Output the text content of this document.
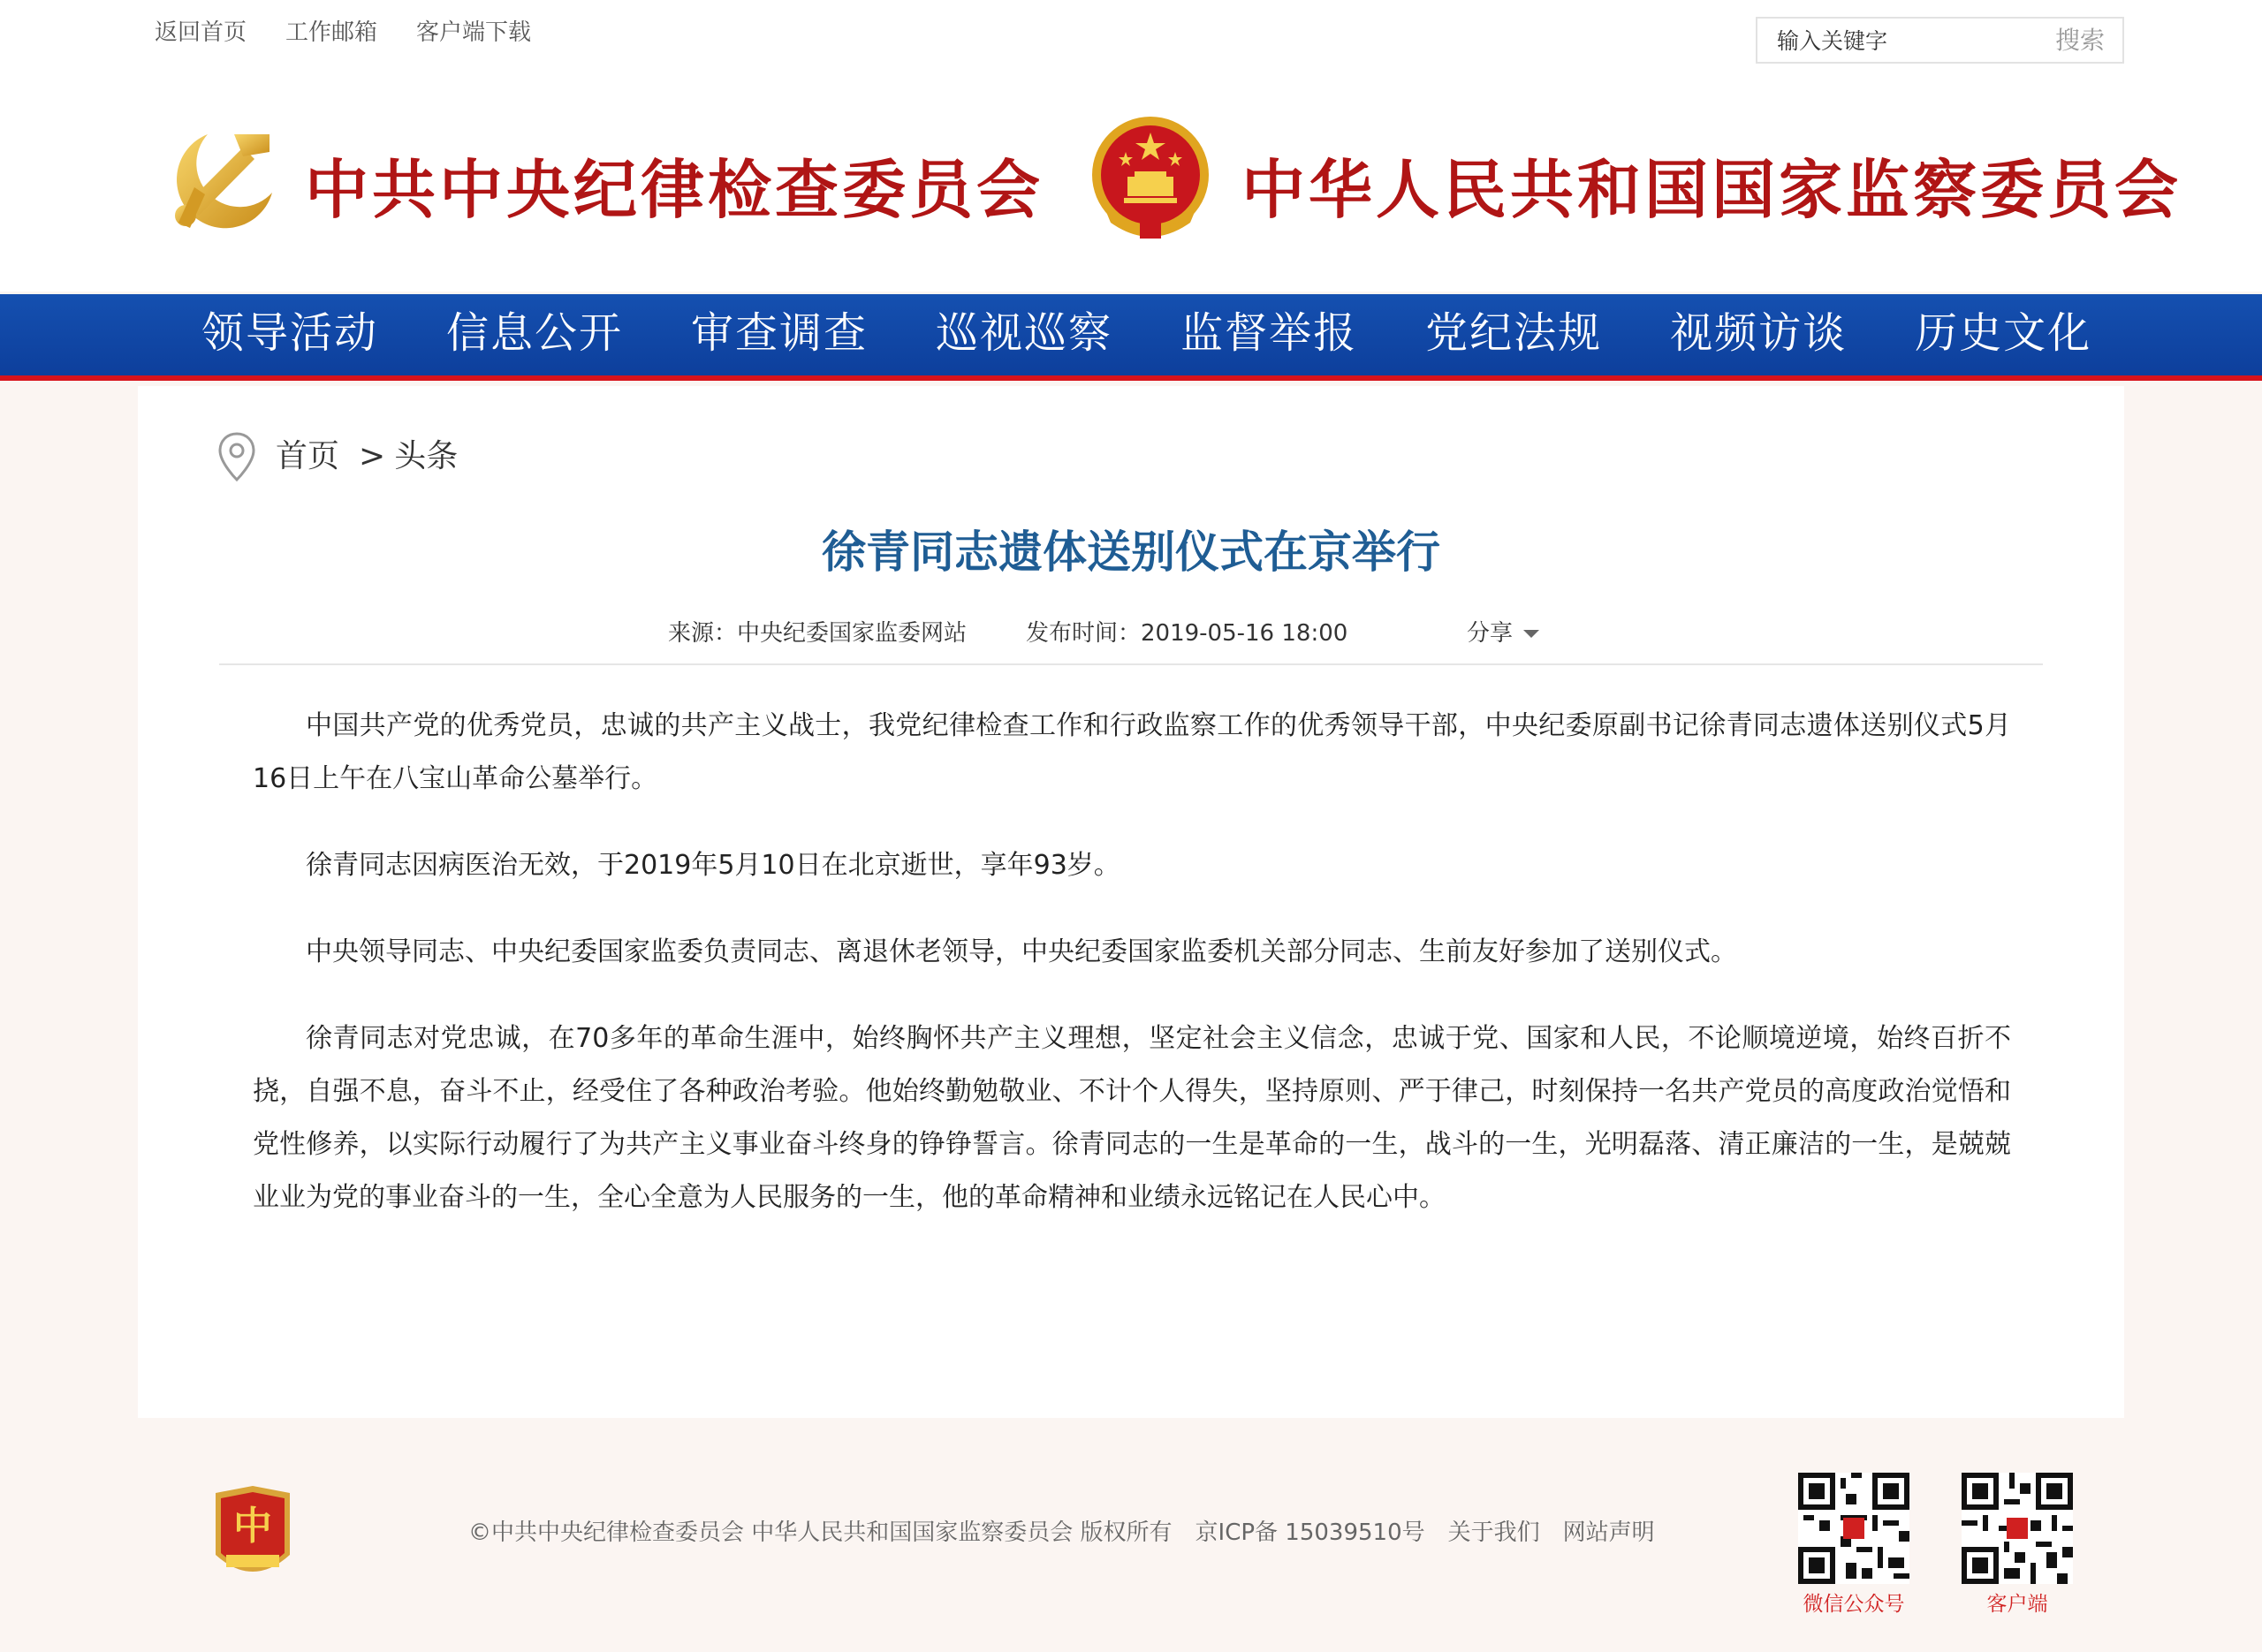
返回首页 工作邮箱 客户端下载
输入关键字	搜索
中共中央纪律检查委员会	中华人民共和国国家监察委员会
领导活动 信息公开 审查调查 巡视巡察 监督举报 党纪法规 视频访谈 历史文化
首页 > 头条
徐青同志遗体送别仪式在京举行
来源：中央纪委国家监委网站	发布时间：2019-05-16 18:00	分享

中国共产党的优秀党员，忠诚的共产主义战士，我党纪律检查工作和行政监察工作的优秀领导干部，中央纪委原副书记徐青同志遗体送别仪式5月16日上午在八宝山革命公墓举行。

徐青同志因病医治无效，于2019年5月10日在北京逝世，享年93岁。

中央领导同志、中央纪委国家监委负责同志、离退休老领导，中央纪委国家监委机关部分同志、生前友好参加了送别仪式。

徐青同志对党忠诚，在70多年的革命生涯中，始终胸怀共产主义理想，坚定社会主义信念，忠诚于党、国家和人民，不论顺境逆境，始终百折不挠，自强不息，奋斗不止，经受住了各种政治考验。他始终勤勉敬业、不计个人得失，坚持原则、严于律己，时刻保持一名共产党员的高度政治觉悟和党性修养，以实际行动履行了为共产主义事业奋斗终身的铮铮誓言。徐青同志的一生是革命的一生，战斗的一生，光明磊落、清正廉洁的一生，是兢兢业业为党的事业奋斗的一生，全心全意为人民服务的一生，他的革命精神和业绩永远铭记在人民心中。

中	©中共中央纪律检查委员会 中华人民共和国国家监察委员会 版权所有 京ICP备 15039510号 关于我们 网站声明
微信公众号	客户端
